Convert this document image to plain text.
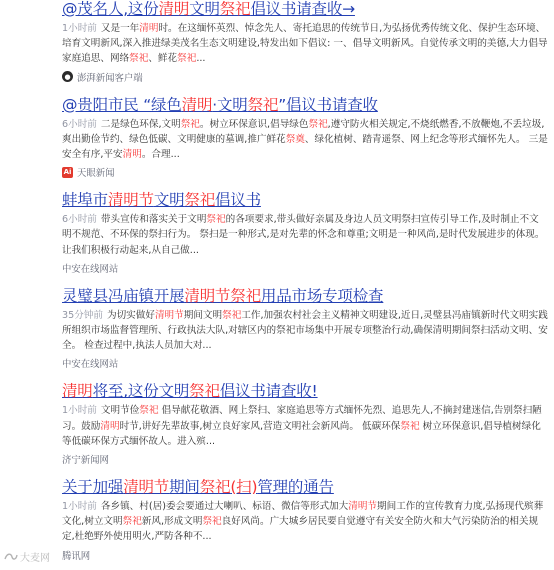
@茂名人,这份清明文明祭祀倡议书请查收→
1小时前 又是一年清明时。在这缅怀英烈、悼念先人、寄托追思的传统节日,为弘扬优秀传统文化、保护生态环境、培育文明新风,深入推进绿美茂名生态文明建设,特发出如下倡议: 一、倡导文明新风。自觉传承文明的美德,大力倡导家庭追思、网络祭祀、鲜花祭祀...
● 澎湃新闻客户端
@贵阳市民 “绿色清明·文明祭祀”倡议书请查收
6小时前 二是绿色环保,文明祭祀。树立环保意识,倡导绿色祭祀,遵守防火相关规定,不烧纸燃香,不放鞭炮,不丢垃圾,爽出勤俭节约、绿色低碳、文明健康的墓调,推广鲜花祭奠、绿化植树、踏青遥祭、网上纪念等形式缅怀先人。 三是安全有序,平安清明。合理...
Ai 天眼新闻
蚌埠市清明节文明祭祀倡议书
6小时前 带头宣传和落实关于文明祭祀的各项要求,带头做好亲属及身边人员文明祭扫宣传引导工作,及时制止不文明不规范、不环保的祭扫行为。 祭扫是一种形式,是对先辈的怀念和尊重;文明是一种风尚,是时代发展进步的体现。让我们积极行动起来,从自己做...
中安在线网站
灵璧县冯庙镇开展清明节祭祀用品市场专项检查
35分钟前 为切实做好清明节期间文明祭祀工作,加强农村社会主义精神文明建设,近日,灵璧县冯庙镇新时代文明实践所组织市场监督管理所、行政执法大队,对辖区内的祭祀市场集中开展专项整治行动,确保清明期间祭扫活动文明、安全。 检查过程中,执法人员加大对...
中安在线网站
清明将至,这份文明祭祀倡议书请查收!
1小时前 文明节俭祭祀 倡导献花敬酒、网上祭扫、家庭追思等方式缅怀先烈、追思先人,不摘封建迷信,告别祭扫陋习。鼓励清明时节,讲好先辈故事,树立良好家风,营造文明社会新风尚。 低碳环保祭祀 树立环保意识,倡导植树绿化等低碳环保方式缅怀故人。进入殡...
济宁新闻网
关于加强清明节期间祭祀(扫)管理的通告
1小时前 各乡镇、村(居)委会要通过大喇叭、标语、微信等形式加大清明节期间工作的宣传教育力度,弘扬现代殡葬文化,树立文明祭祀新风,形成文明祭祀良好风尚。广大城乡居民要自觉遵守有关安全防火和大气污染防治的相关规定,杜绝野外使用明火,严防各种不...
腾讯网
大麦网
